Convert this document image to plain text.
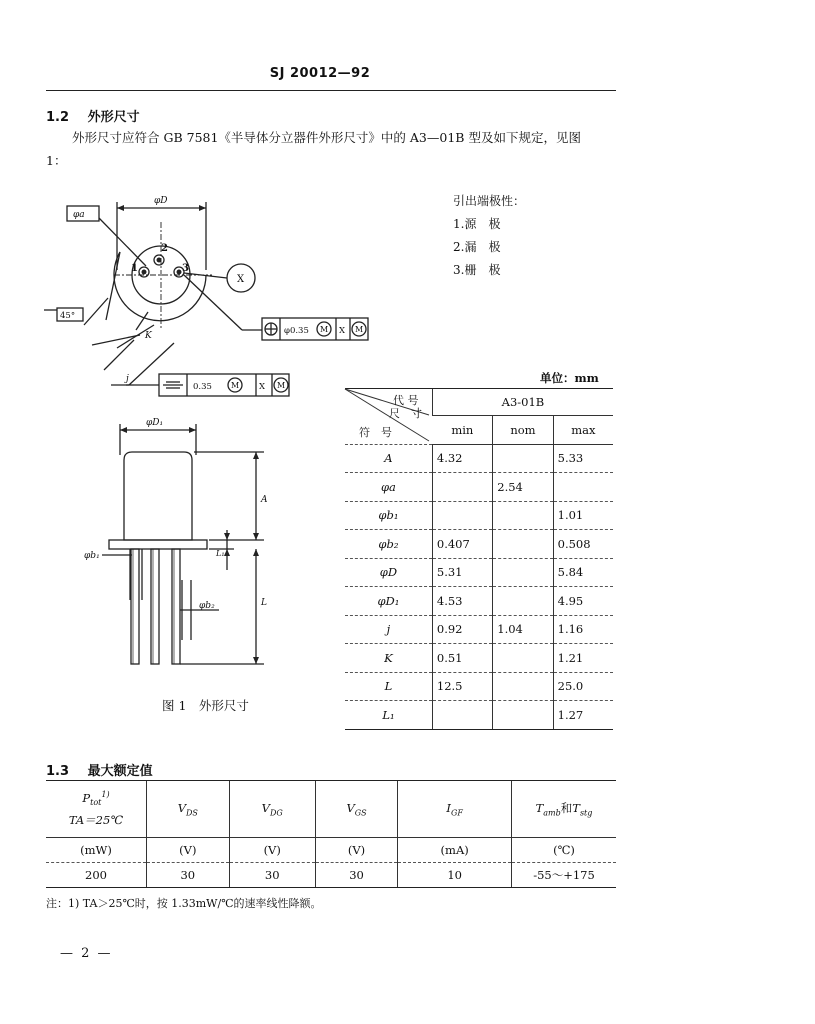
SJ 20012—92
1.2 外形尺寸
外形尺寸应符合 GB 7581《半导体分立器件外形尺寸》中的 A3—01B 型及如下规定，见图
1：
引出端极性：
1.源　极
2.漏　极
3.栅　极
φD
φa
2
1	3
X
45°
K
j
φ0.35 M X M
0.35 M X M
φD₁
A
φb₁	L₁
φb₂	L
图 1　外形尺寸
单位：mm
代 号
尺　寸
符　号	A3-01B		
	min	nom	max
A	4.32		5.33
φa		2.54	
φb₁			1.01
φb₂	0.407		0.508
φD	5.31		5.84
φD₁	4.53		4.95
j	0.92	1.04	1.16
K	0.51		1.21
L	12.5		25.0
L₁			1.27
1.3 最大额定值
$P_{tot}^{1)}$
TA＝25℃	$V_{DS}$	$V_{DG}$	$V_{GS}$	$I_{GF}$	$T_{amb}$和$T_{stg}$
(mW)	(V)	(V)	(V)	(mA)	(℃)
200	30	30	30	10	-55～+175
注：1) TA＞25℃时，按 1.33mW/℃的速率线性降额。
— 2 —
